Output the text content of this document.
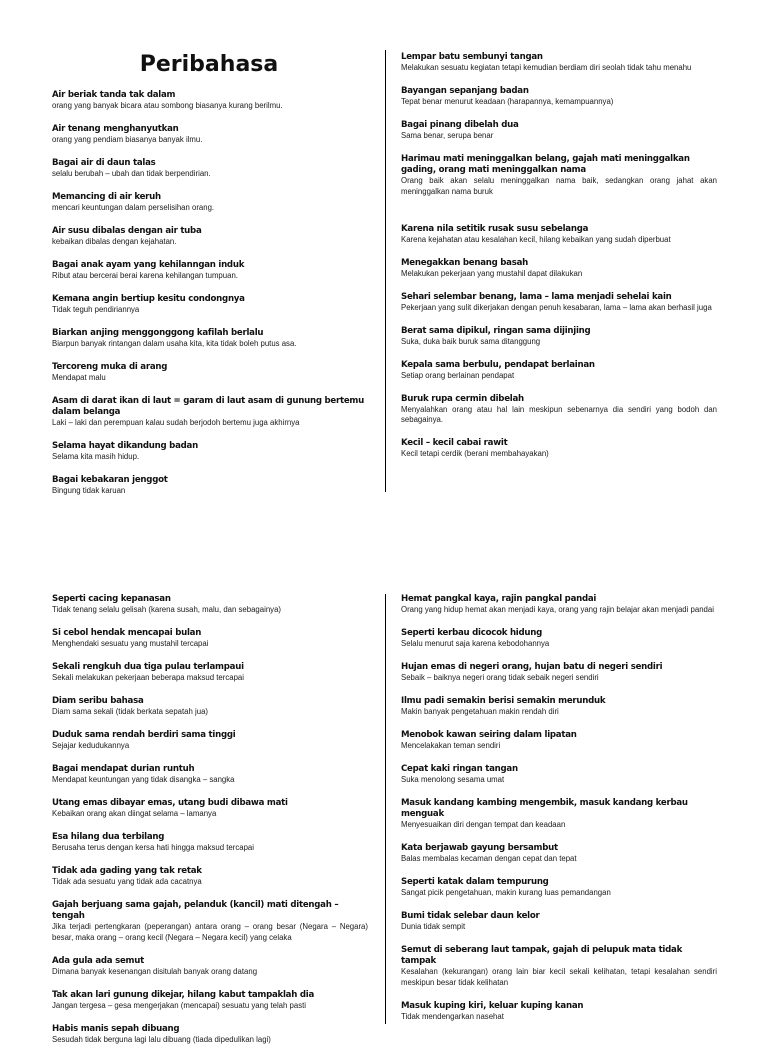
Peribahasa

Air beriak tanda tak dalam

orang yang banyak bicara atau sombong biasanya kurang berilmu.

Air tenang menghanyutkan

orang yang pendiam biasanya banyak ilmu.

Bagai air di daun talas

selalu berubah – ubah dan tidak berpendirian.

Memancing di air keruh

mencari keuntungan dalam perselisihan orang.

Air susu dibalas dengan air tuba

kebaikan dibalas dengan kejahatan.

Bagai anak ayam yang kehilanngan induk

Ribut atau bercerai berai karena kehilangan tumpuan.

Kemana angin bertiup kesitu condongnya

Tidak teguh pendiriannya

Biarkan anjing menggonggong kafilah berlalu

Biarpun banyak rintangan dalam usaha kita, kita tidak boleh putus asa.

Tercoreng muka di arang

Mendapat malu

Asam di darat ikan di laut = garam di laut asam di gunung bertemu dalam belanga

Laki – laki dan perempuan kalau sudah berjodoh bertemu juga akhirnya

Selama hayat dikandung badan

Selama kita masih hidup.

Bagai kebakaran jenggot

Bingung tidak karuan

Lempar batu sembunyi tangan

Melakukan sesuatu kegiatan tetapi kemudian berdiam diri seolah tidak tahu menahu

Bayangan sepanjang badan

Tepat benar menurut keadaan (harapannya, kemampuannya)

Bagai pinang dibelah dua

Sama benar, serupa benar

Harimau mati meninggalkan belang, gajah mati meninggalkan gading, orang mati meninggalkan nama

Orang baik akan selalu meninggalkan nama baik, sedangkan orang jahat akan meninggalkan nama buruk

Karena nila setitik rusak susu sebelanga

Karena kejahatan atau kesalahan kecil, hilang kebaikan yang sudah diperbuat

Menegakkan benang basah

Melakukan pekerjaan yang mustahil dapat dilakukan

Sehari selembar benang, lama – lama menjadi sehelai kain

Pekerjaan yang sulit dikerjakan dengan penuh kesabaran, lama – lama akan berhasil juga

Berat sama dipikul, ringan sama dijinjing

Suka, duka baik buruk sama ditanggung

Kepala sama berbulu, pendapat berlainan

Setiap orang berlainan pendapat

Buruk rupa cermin dibelah

Menyalahkan orang atau hal lain meskipun sebenarnya dia sendiri yang bodoh dan sebagainya.

Kecil – kecil cabai rawit

Kecil tetapi cerdik (berani membahayakan)

Seperti cacing kepanasan

Tidak tenang selalu gelisah (karena susah, malu, dan sebagainya)

Si cebol hendak mencapai bulan

Menghendaki sesuatu yang mustahil tercapai

Sekali rengkuh dua tiga pulau terlampaui

Sekali melakukan pekerjaan beberapa maksud tercapai

Diam seribu bahasa

Diam sama sekali (tidak berkata sepatah jua)

Duduk sama rendah berdiri sama tinggi

Sejajar kedudukannya

Bagai mendapat durian runtuh

Mendapat keuntungan yang tidak disangka – sangka

Utang emas dibayar emas, utang budi dibawa mati

Kebaikan orang akan diingat selama – lamanya

Esa hilang dua terbilang

Berusaha terus dengan kersa hati hingga maksud tercapai

Tidak ada gading yang tak retak

Tidak ada sesuatu yang tidak ada cacatnya

Gajah berjuang sama gajah, pelanduk (kancil) mati ditengah – tengah

Jika terjadi pertengkaran (peperangan) antara orang – orang besar (Negara – Negara) besar, maka orang – orang kecil (Negara – Negara kecil) yang celaka

Ada gula ada semut

Dimana banyak kesenangan disitulah banyak orang datang

Tak akan lari gunung dikejar, hilang kabut tampaklah dia

Jangan tergesa – gesa mengerjakan (mencapai) sesuatu yang telah pasti

Habis manis sepah dibuang

Sesudah tidak berguna lagi lalu dibuang (tiada dipedulikan lagi)

Hemat pangkal kaya, rajin pangkal pandai

Orang yang hidup hemat akan menjadi kaya, orang yang rajin belajar akan menjadi pandai

Seperti kerbau dicocok hidung

Selalu menurut saja karena kebodohannya

Hujan emas di negeri orang, hujan batu di negeri sendiri

Sebaik – baiknya negeri orang tidak sebaik negeri sendiri

Ilmu padi semakin berisi semakin merunduk

Makin banyak pengetahuan makin rendah diri

Menobok kawan seiring dalam lipatan

Mencelakakan teman sendiri

Cepat kaki ringan tangan

Suka menolong sesama umat

Masuk kandang kambing mengembik, masuk kandang kerbau menguak

Menyesuaikan diri dengan tempat dan keadaan

Kata berjawab gayung bersambut

Balas membalas kecaman dengan cepat dan tepat

Seperti katak dalam tempurung

Sangat picik pengetahuan, makin kurang luas pemandangan

Bumi tidak selebar daun kelor

Dunia tidak sempit

Semut di seberang laut tampak, gajah di pelupuk mata tidak tampak

Kesalahan (kekurangan) orang lain biar kecil sekali kelihatan, tetapi kesalahan sendiri meskipun besar tidak kelihatan

Masuk kuping kiri, keluar kuping kanan

Tidak mendengarkan nasehat
